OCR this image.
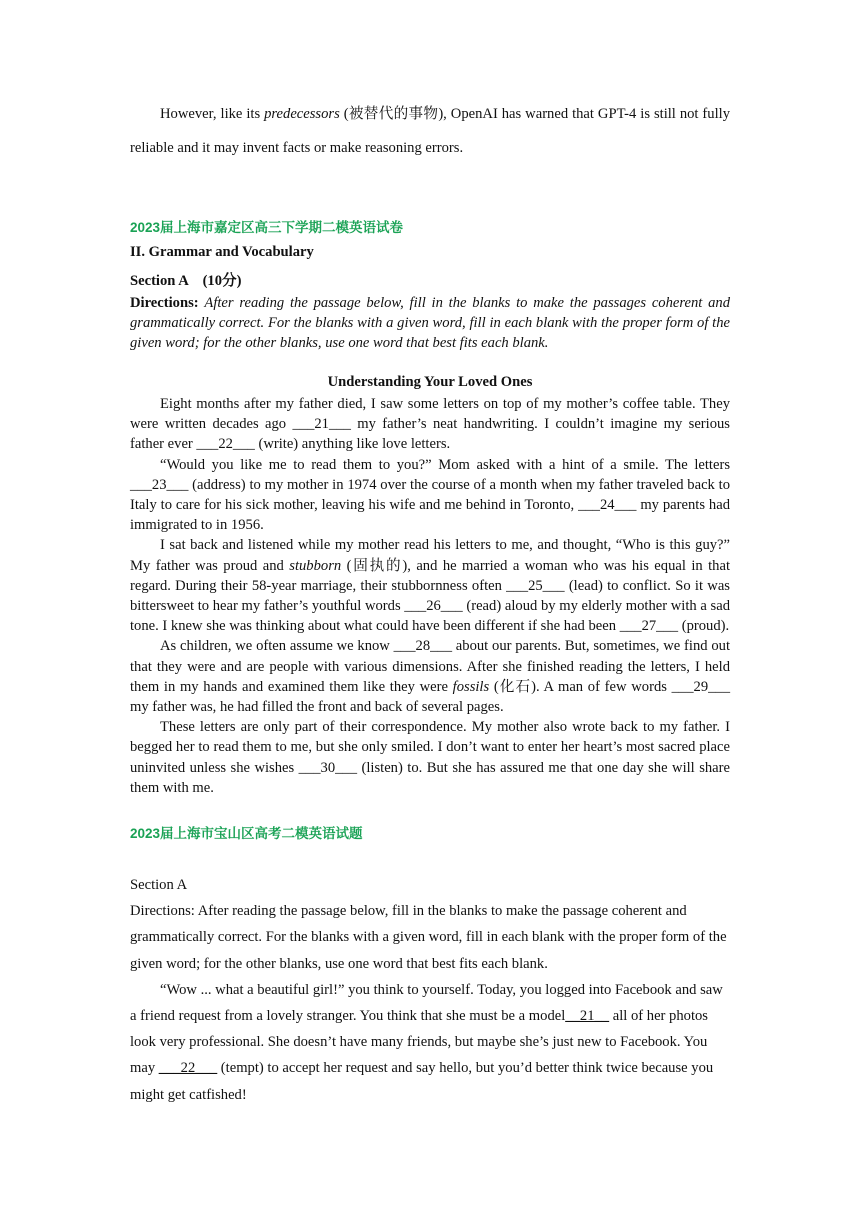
However, like its predecessors (被替代的事物), OpenAI has warned that GPT-4 is still not fully reliable and it may invent facts or make reasoning errors.

2023届上海市嘉定区高三下学期二模英语试卷

II. Grammar and Vocabulary

Section A    (10分)

Directions: After reading the passage below, fill in the blanks to make the passages coherent and grammatically correct. For the blanks with a given word, fill in each blank with the proper form of the given word; for the other blanks, use one word that best fits each blank.

Understanding Your Loved Ones

Eight months after my father died, I saw some letters on top of my mother’s coffee table. They were written decades ago ___21___ my father’s neat handwriting. I couldn’t imagine my serious father ever ___22___ (write) anything like love letters.

“Would you like me to read them to you?” Mom asked with a hint of a smile. The letters ___23___ (address) to my mother in 1974 over the course of a month when my father traveled back to Italy to care for his sick mother, leaving his wife and me behind in Toronto, ___24___ my parents had immigrated to in 1956.

I sat back and listened while my mother read his letters to me, and thought, “Who is this guy?” My father was proud and stubborn (固执的), and he married a woman who was his equal in that regard. During their 58-year marriage, their stubbornness often ___25___ (lead) to conflict. So it was bittersweet to hear my father’s youthful words ___26___ (read) aloud by my elderly mother with a sad tone. I knew she was thinking about what could have been different if she had been ___27___ (proud).

As children, we often assume we know ___28___ about our parents. But, sometimes, we find out that they were and are people with various dimensions. After she finished reading the letters, I held them in my hands and examined them like they were fossils (化石). A man of few words ___29___ my father was, he had filled the front and back of several pages.

These letters are only part of their correspondence. My mother also wrote back to my father. I begged her to read them to me, but she only smiled. I don’t want to enter her heart’s most sacred place uninvited unless she wishes ___30___ (listen) to. But she has assured me that one day she will share them with me.

2023届上海市宝山区高考二模英语试题

Section A

Directions: After reading the passage below, fill in the blanks to make the passage coherent and grammatically correct. For the blanks with a given word, fill in each blank with the proper form of the given word; for the other blanks, use one word that best fits each blank.

“Wow ... what a beautiful girl!” you think to yourself. Today, you logged into Facebook and saw a friend request from a lovely stranger. You think that she must be a model__21__ all of her photos look very professional. She doesn’t have many friends, but maybe she’s just new to Facebook. You may ___22___ (tempt) to accept her request and say hello, but you’d better think twice because you might get catfished!
